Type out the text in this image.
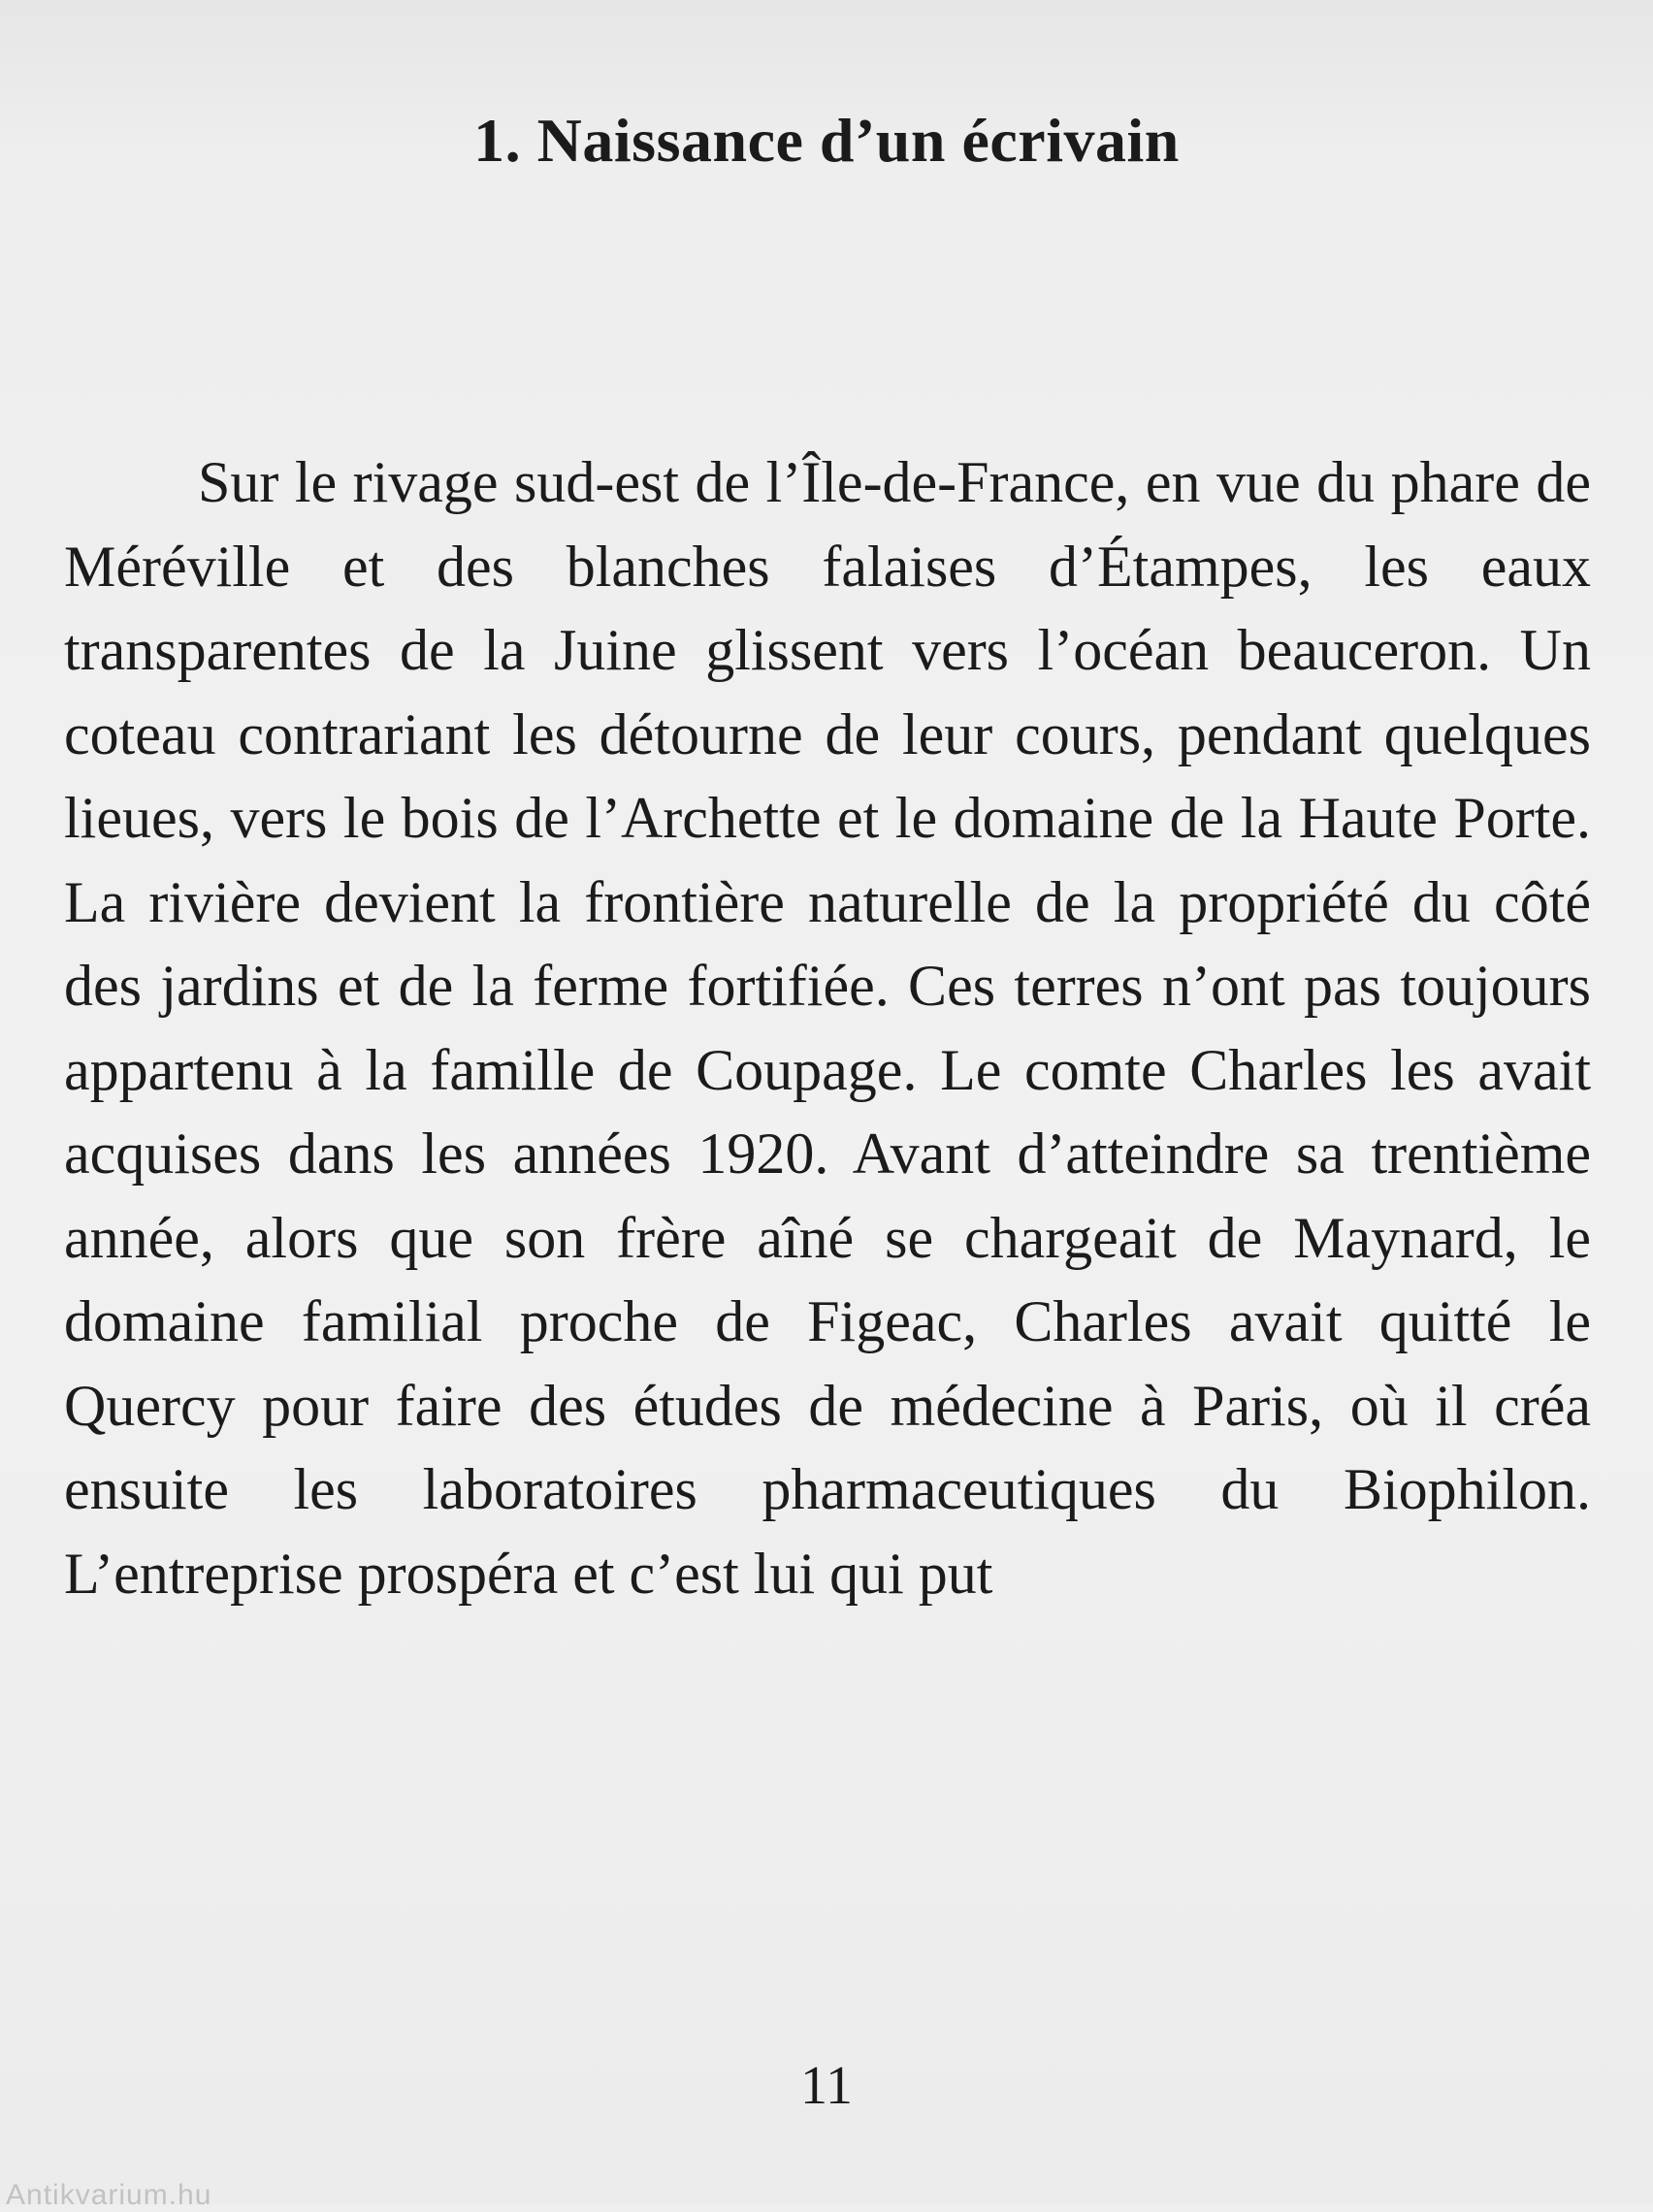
1. Naissance d’un écrivain

Sur le rivage sud-est de l’Île-de-France, en vue du phare de Méréville et des blanches falaises d’Étampes, les eaux transparentes de la Juine glissent vers l’océan beauceron. Un coteau contrariant les détourne de leur cours, pendant quelques lieues, vers le bois de l’Archette et le domaine de la Haute Porte. La rivière devient la frontière naturelle de la propriété du côté des jardins et de la ferme fortifiée. Ces terres n’ont pas toujours appartenu à la famille de Coupage. Le comte Charles les avait acquises dans les années 1920. Avant d’atteindre sa trentième année, alors que son frère aîné se chargeait de Maynard, le domaine familial proche de Figeac, Charles avait quitté le Quercy pour faire des études de médecine à Paris, où il créa ensuite les laboratoires pharmaceutiques du Biophilon. L’entreprise prospéra et c’est lui qui put

11

Antikvarium.hu
